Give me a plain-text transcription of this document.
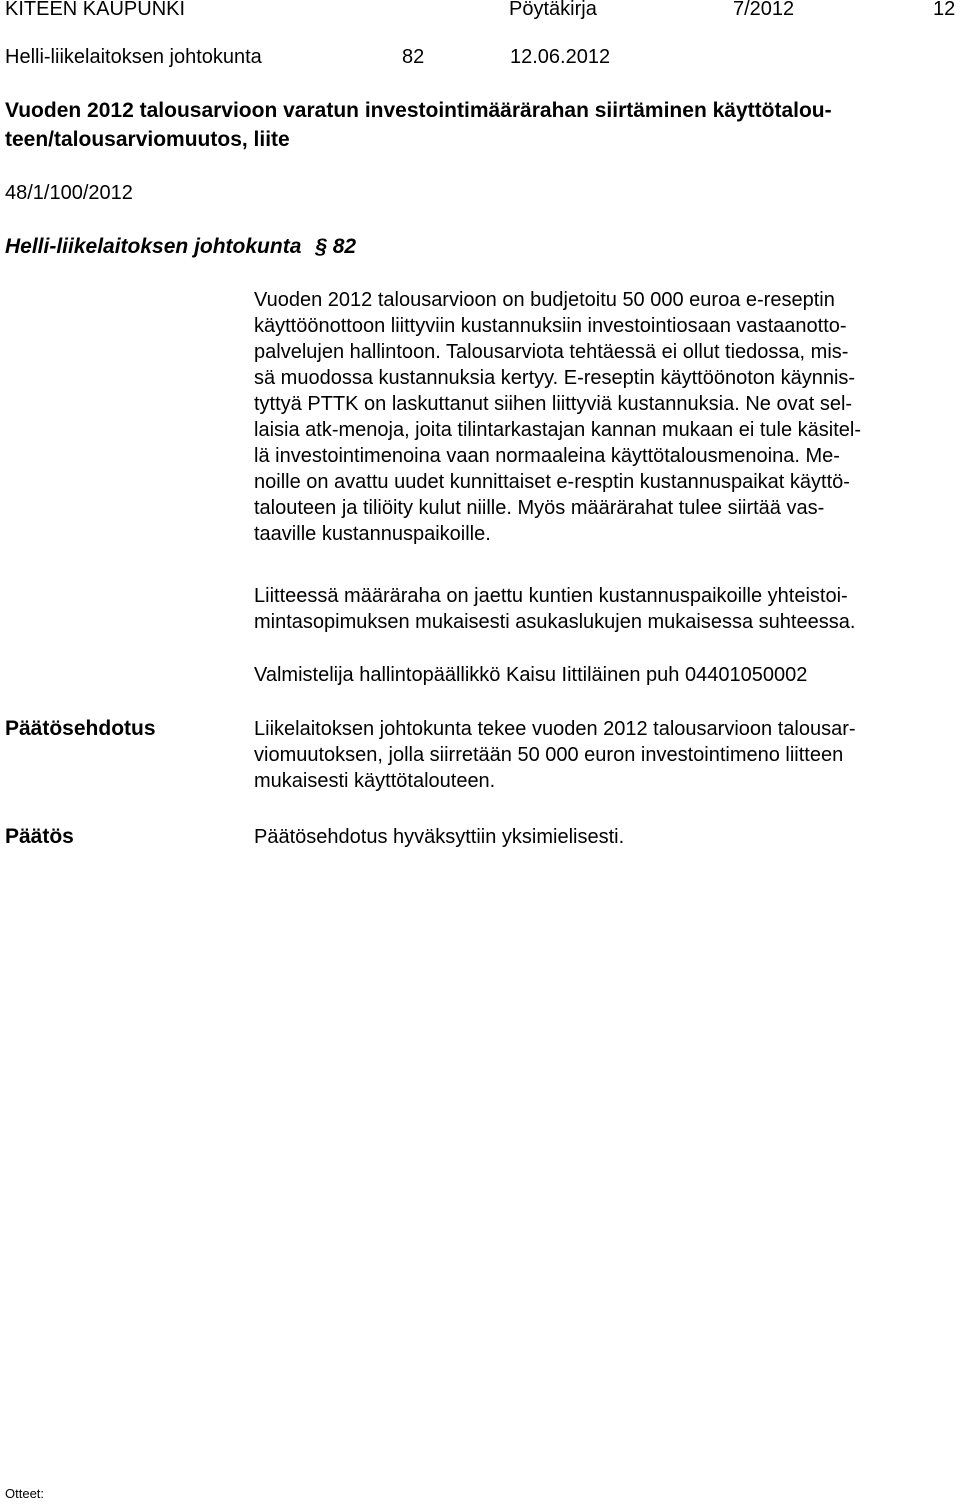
KITEEN KAUPUNKI	Pöytäkirja	7/2012	12
Helli-liikelaitoksen johtokunta	82	12.06.2012
Vuoden 2012 talousarvioon varatun investointimäärärahan siirtäminen käyttötalou-
teen/talousarviomuutos, liite
48/1/100/2012
Helli-liikelaitoksen johtokunta § 82
Vuoden 2012 talousarvioon on budjetoitu 50 000 euroa e-reseptin
käyttöönottoon liittyviin kustannuksiin investointiosaan vastaanotto-
palvelujen hallintoon. Talousarviota tehtäessä ei ollut tiedossa, mis-
sä muodossa kustannuksia kertyy. E-reseptin käyttöönoton käynnis-
tyttyä PTTK on laskuttanut siihen liittyviä kustannuksia. Ne ovat sel-
laisia atk-menoja, joita tilintarkastajan kannan mukaan ei tule käsitel-
lä investointimenoina vaan normaaleina käyttötalousmenoina. Me-
noille on avattu uudet kunnittaiset e-resptin kustannuspaikat käyttö-
talouteen ja tiliöity kulut niille. Myös määrärahat tulee siirtää vas-
taaville kustannuspaikoille.
Liitteessä määräraha on jaettu kuntien kustannuspaikoille yhteistoi-
mintasopimuksen mukaisesti asukaslukujen mukaisessa suhteessa.
Valmistelija hallintopäällikkö Kaisu Iittiläinen puh 04401050002
Päätösehdotus	Liikelaitoksen johtokunta tekee vuoden 2012 talousarvioon talousar-
viomuutoksen, jolla siirretään 50 000 euron investointimeno liitteen
mukaisesti käyttötalouteen.
Päätös	Päätösehdotus hyväksyttiin yksimielisesti.
Otteet:
